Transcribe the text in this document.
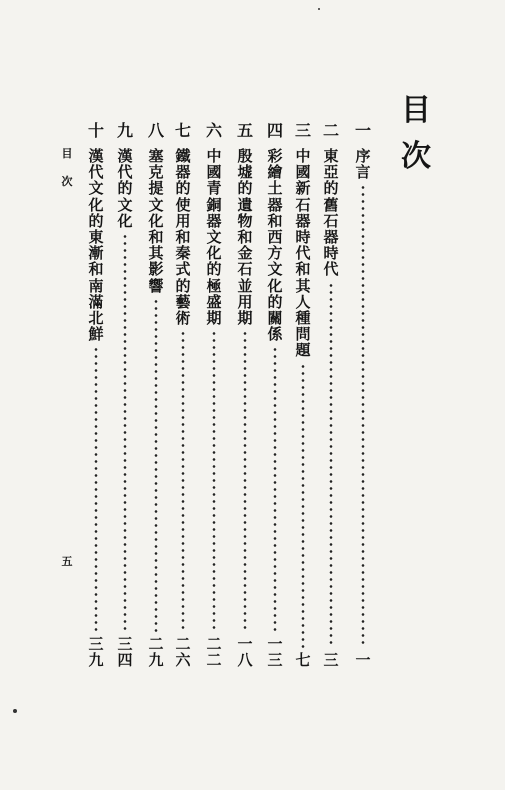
目
次
目
次
五
一
序言
一
二
東亞的舊石器時代
三
三
中國新石器時代和其人種問題
七
四
彩繪土器和西方文化的關係
一
三
五
殷墟的遺物和金石並用期
一
八
六
中國青銅器文化的極盛期
二
二
七
鐵器的使用和秦式的藝術
二
六
八
塞克提文化和其影響
二
九
九
漢代的文化
三
四
十
漢代文化的東漸和南滿北鮮
三
九
